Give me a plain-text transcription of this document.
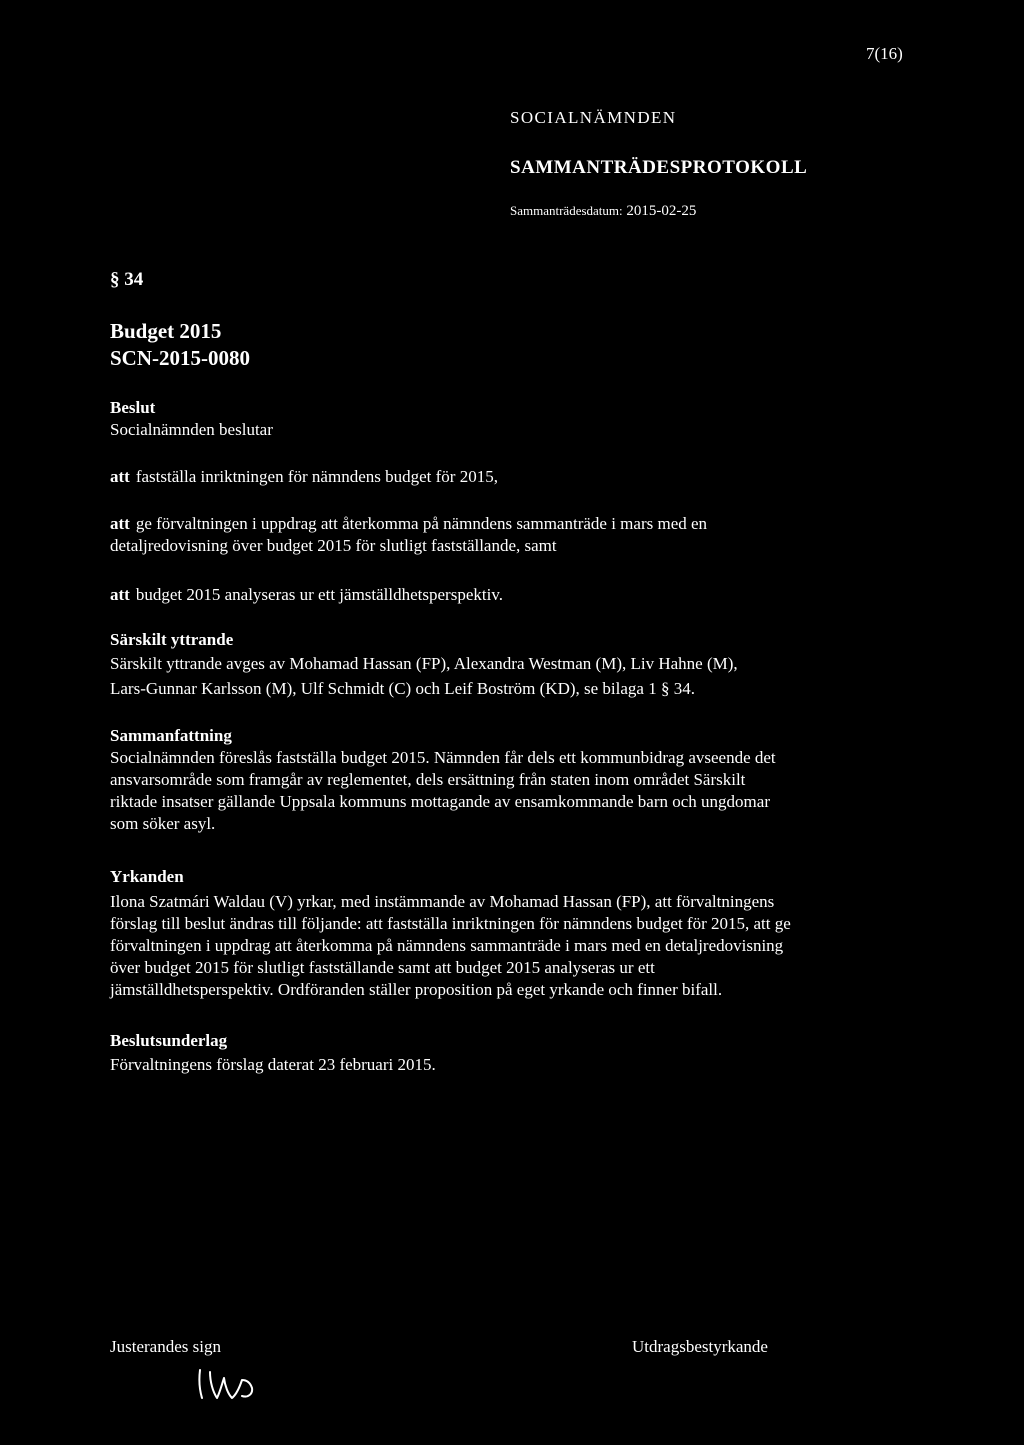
7(16)
SOCIALNÄMNDEN
SAMMANTRÄDESPROTOKOLL
Sammanträdesdatum: 2015-02-25
§ 34
Budget 2015
SCN-2015-0080
Beslut
Socialnämnden beslutar
att fastställa inriktningen för nämndens budget för 2015,
att ge förvaltningen i uppdrag att återkomma på nämndens sammanträde i mars med en
detaljredovisning över budget 2015 för slutligt fastställande, samt
att budget 2015 analyseras ur ett jämställdhetsperspektiv.
Särskilt yttrande
Särskilt yttrande avges av Mohamad Hassan (FP), Alexandra Westman (M), Liv Hahne (M),
Lars-Gunnar Karlsson (M), Ulf Schmidt (C) och Leif Boström (KD), se bilaga 1 § 34.
Sammanfattning
Socialnämnden föreslås fastställa budget 2015. Nämnden får dels ett kommunbidrag avseende det
ansvarsområde som framgår av reglementet, dels ersättning från staten inom området Särskilt
riktade insatser gällande Uppsala kommuns mottagande av ensamkommande barn och ungdomar
som söker asyl.
Yrkanden
Ilona Szatmári Waldau (V) yrkar, med instämmande av Mohamad Hassan (FP), att förvaltningens
förslag till beslut ändras till följande: att fastställa inriktningen för nämndens budget för 2015, att ge
förvaltningen i uppdrag att återkomma på nämndens sammanträde i mars med en detaljredovisning
över budget 2015 för slutligt fastställande samt att budget 2015 analyseras ur ett
jämställdhetsperspektiv. Ordföranden ställer proposition på eget yrkande och finner bifall.
Beslutsunderlag
Förvaltningens förslag daterat 23 februari 2015.
Justerandes sign	Utdragsbestyrkande
